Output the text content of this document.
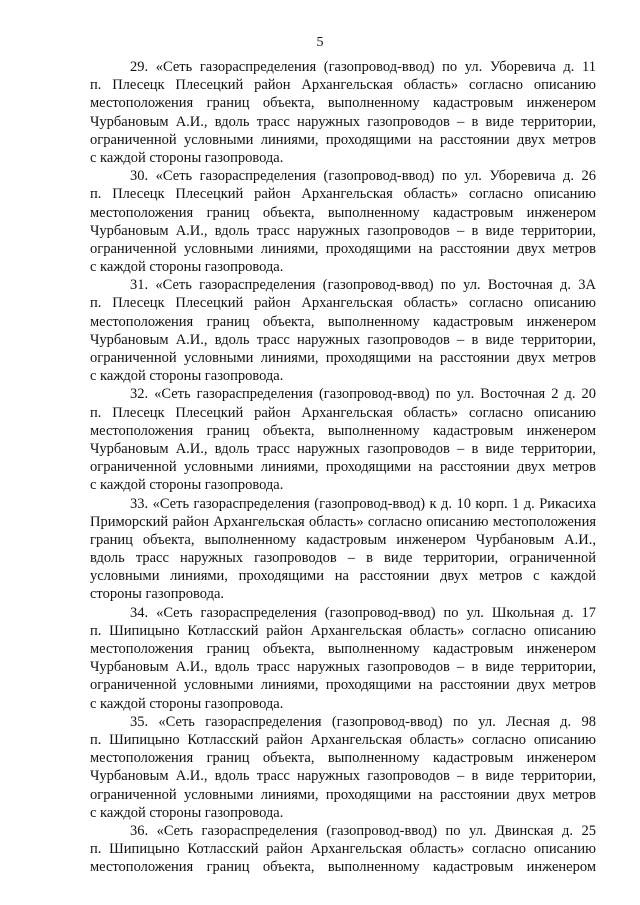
5
29. «Сеть газораспределения (газопровод-ввод) по ул. Уборевича д. 11
п. Плесецк Плесецкий район Архангельская область» согласно описанию
местоположения границ объекта, выполненному кадастровым инженером
Чурбановым А.И., вдоль трасс наружных газопроводов – в виде территории,
ограниченной условными линиями, проходящими на расстоянии двух метров
с каждой стороны газопровода.
30. «Сеть газораспределения (газопровод-ввод) по ул. Уборевича д. 26
п. Плесецк Плесецкий район Архангельская область» согласно описанию
местоположения границ объекта, выполненному кадастровым инженером
Чурбановым А.И., вдоль трасс наружных газопроводов – в виде территории,
ограниченной условными линиями, проходящими на расстоянии двух метров
с каждой стороны газопровода.
31. «Сеть газораспределения (газопровод-ввод) по ул. Восточная д. 3А
п. Плесецк Плесецкий район Архангельская область» согласно описанию
местоположения границ объекта, выполненному кадастровым инженером
Чурбановым А.И., вдоль трасс наружных газопроводов – в виде территории,
ограниченной условными линиями, проходящими на расстоянии двух метров
с каждой стороны газопровода.
32. «Сеть газораспределения (газопровод-ввод) по ул. Восточная 2 д. 20
п. Плесецк Плесецкий район Архангельская область» согласно описанию
местоположения границ объекта, выполненному кадастровым инженером
Чурбановым А.И., вдоль трасс наружных газопроводов – в виде территории,
ограниченной условными линиями, проходящими на расстоянии двух метров
с каждой стороны газопровода.
33. «Сеть газораспределения (газопровод-ввод) к д. 10 корп. 1 д. Рикасиха
Приморский район Архангельская область» согласно описанию местоположения
границ объекта, выполненному кадастровым инженером Чурбановым А.И.,
вдоль трасс наружных газопроводов – в виде территории, ограниченной
условными линиями, проходящими на расстоянии двух метров с каждой
стороны газопровода.
34. «Сеть газораспределения (газопровод-ввод) по ул. Школьная д. 17
п. Шипицыно Котласский район Архангельская область» согласно описанию
местоположения границ объекта, выполненному кадастровым инженером
Чурбановым А.И., вдоль трасс наружных газопроводов – в виде территории,
ограниченной условными линиями, проходящими на расстоянии двух метров
с каждой стороны газопровода.
35. «Сеть газораспределения (газопровод-ввод) по ул. Лесная д. 98
п. Шипицыно Котласский район Архангельская область» согласно описанию
местоположения границ объекта, выполненному кадастровым инженером
Чурбановым А.И., вдоль трасс наружных газопроводов – в виде территории,
ограниченной условными линиями, проходящими на расстоянии двух метров
с каждой стороны газопровода.
36. «Сеть газораспределения (газопровод-ввод) по ул. Двинская д. 25
п. Шипицыно Котласский район Архангельская область» согласно описанию
местоположения границ объекта, выполненному кадастровым инженером
